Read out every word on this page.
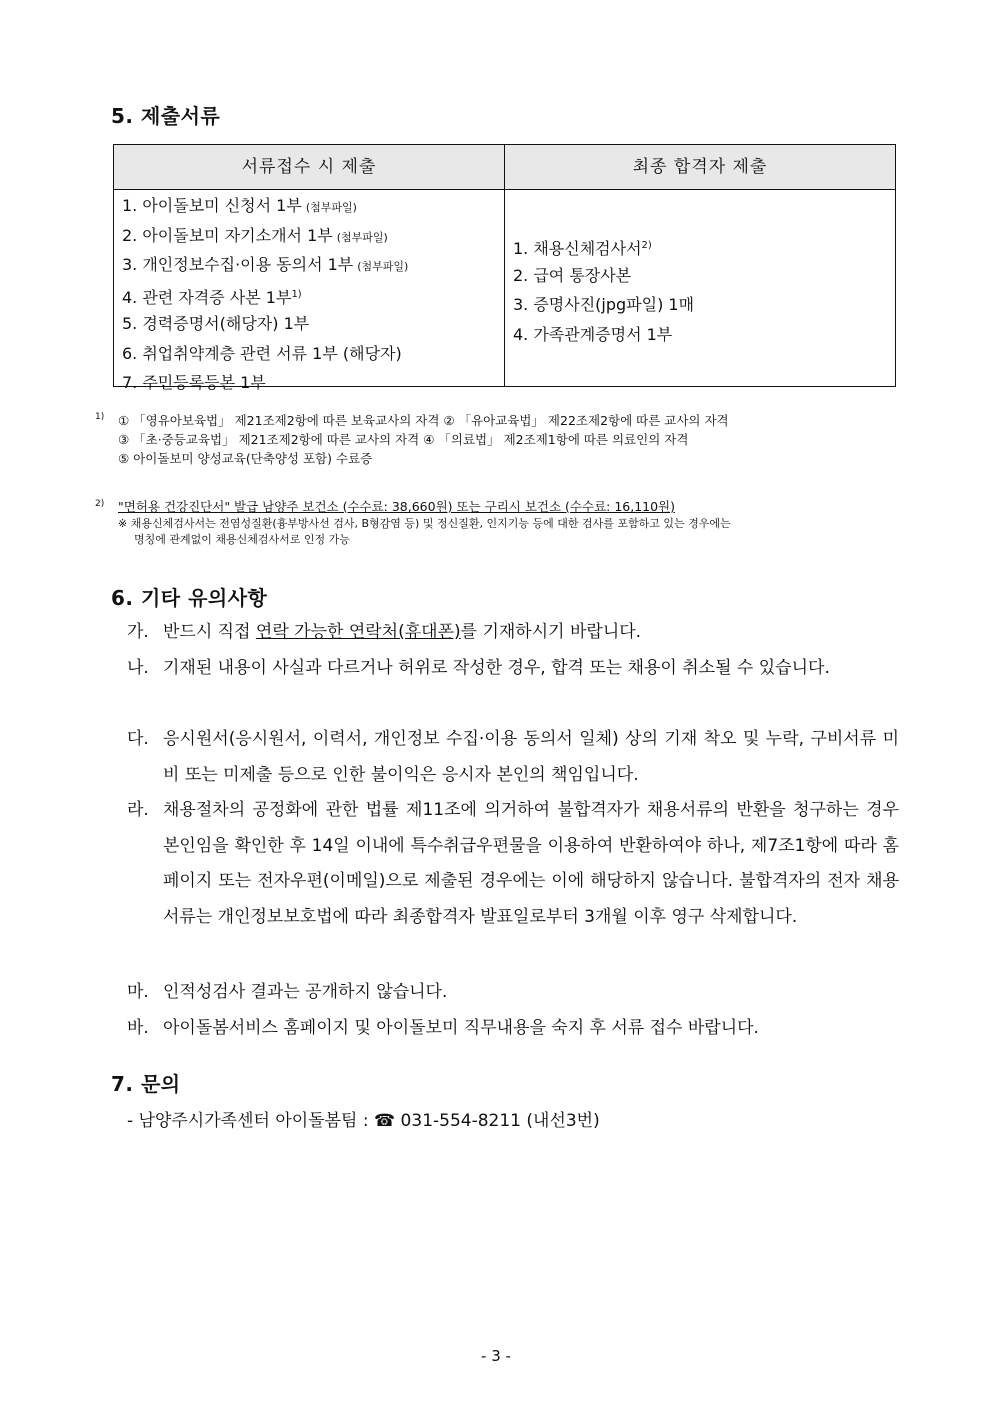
5. 제출서류
서류접수 시 제출	최종 합격자 제출
1. 아이돌보미 신청서 1부 (첨부파일)
2. 아이돌보미 자기소개서 1부 (첨부파일)
3. 개인정보수집·이용 동의서 1부 (첨부파일)
4. 관련 자격증 사본 1부$^{1)}$
5. 경력증명서(해당자) 1부
6. 취업취약계층 관련 서류 1부 (해당자)
7. 주민등록등본 1부
1. 채용신체검사서$^{2)}$
2. 급여 통장사본
3. 증명사진(jpg파일) 1매
4. 가족관계증명서 1부
1) ① 「영유아보육법」 제21조제2항에 따른 보육교사의 자격 ② 「유아교육법」 제22조제2항에 따른 교사의 자격
③ 「초·중등교육법」 제21조제2항에 따른 교사의 자격 ④ 「의료법」 제2조제1항에 따른 의료인의 자격
⑤ 아이돌보미 양성교육(단축양성 포함) 수료증
2) "면허용 건강진단서" 발급 남양주 보건소 (수수료: 38,660원) 또는 구리시 보건소 (수수료: 16,110원)
※ 채용신체검사서는 전염성질환(흉부방사선 검사, B형감염 등) 및 정신질환, 인지기능 등에 대한 검사를 포함하고 있는 경우에는
명칭에 관계없이 채용신체검사서로 인정 가능
6. 기타 유의사항
가. 반드시 직접 연락 가능한 연락처(휴대폰)를 기재하시기 바랍니다.
나. 기재된 내용이 사실과 다르거나 허위로 작성한 경우, 합격 또는 채용이 취소될 수 있습니다.
다. 응시원서(응시원서, 이력서, 개인정보 수집·이용 동의서 일체) 상의 기재 착오 및 누락, 구비서류 미비 또는 미제출 등으로 인한 불이익은 응시자 본인의 책임입니다.
라. 채용절차의 공정화에 관한 법률 제11조에 의거하여 불합격자가 채용서류의 반환을 청구하는 경우 본인임을 확인한 후 14일 이내에 특수취급우편물을 이용하여 반환하여야 하나, 제7조1항에 따라 홈페이지 또는 전자우편(이메일)으로 제출된 경우에는 이에 해당하지 않습니다. 불합격자의 전자 채용서류는 개인정보보호법에 따라 최종합격자 발표일로부터 3개월 이후 영구 삭제합니다.
마. 인적성검사 결과는 공개하지 않습니다.
바. 아이돌봄서비스 홈페이지 및 아이돌보미 직무내용을 숙지 후 서류 접수 바랍니다.
7. 문의
- 남양주시가족센터 아이돌봄팀 : ☎ 031-554-8211 (내선3번)
- 3 -
